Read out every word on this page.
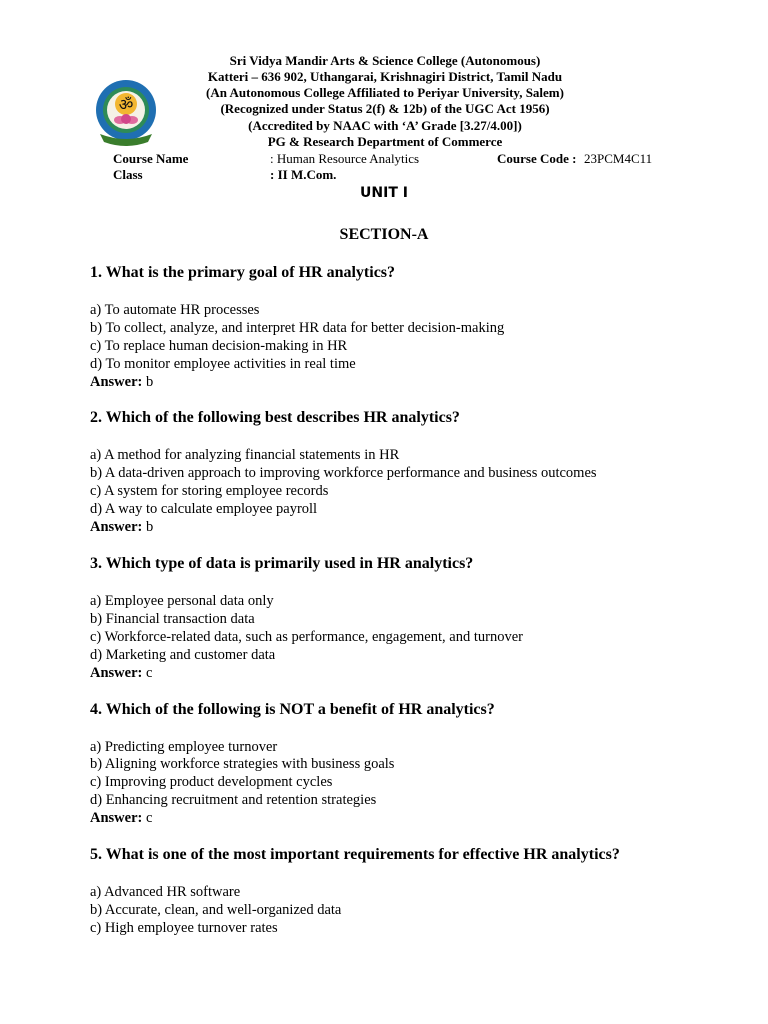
ॐ
Sri Vidya Mandir Arts & Science College (Autonomous)
Katteri – 636 902, Uthangarai, Krishnagiri District, Tamil Nadu
(An Autonomous College Affiliated to Periyar University, Salem)
(Recognized under Status 2(f) & 12b) of the UGC Act 1956)
(Accredited by NAAC with ‘A’ Grade [3.27/4.00])
PG & Research Department of Commerce
Course Name	: Human Resource Analytics	Course Code : 23PCM4C11
Class	: II M.Com.
UNIT I
SECTION-A
1. What is the primary goal of HR analytics?
a) To automate HR processes
b) To collect, analyze, and interpret HR data for better decision-making
c) To replace human decision-making in HR
d) To monitor employee activities in real time
Answer: b
2. Which of the following best describes HR analytics?
a) A method for analyzing financial statements in HR
b) A data-driven approach to improving workforce performance and business outcomes
c) A system for storing employee records
d) A way to calculate employee payroll
Answer: b
3. Which type of data is primarily used in HR analytics?
a) Employee personal data only
b) Financial transaction data
c) Workforce-related data, such as performance, engagement, and turnover
d) Marketing and customer data
Answer: c
4. Which of the following is NOT a benefit of HR analytics?
a) Predicting employee turnover
b) Aligning workforce strategies with business goals
c) Improving product development cycles
d) Enhancing recruitment and retention strategies
Answer: c
5. What is one of the most important requirements for effective HR analytics?
a) Advanced HR software
b) Accurate, clean, and well-organized data
c) High employee turnover rates
